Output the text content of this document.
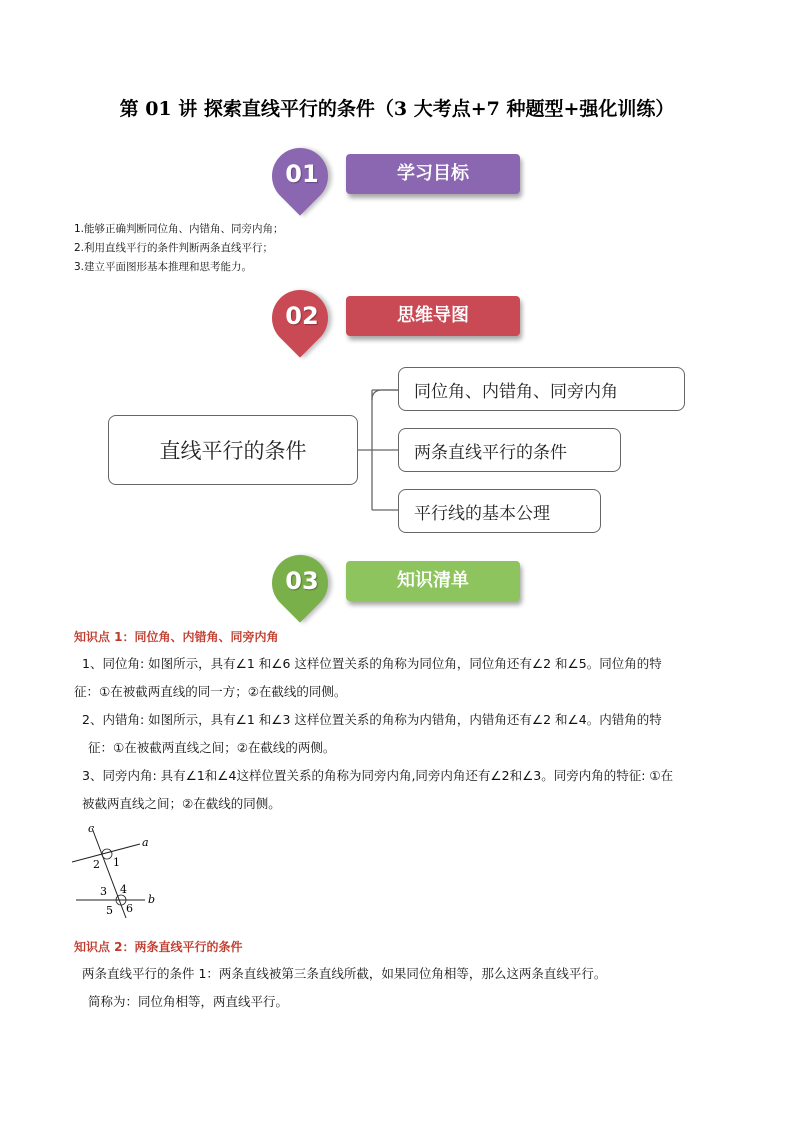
第 01 讲 探索直线平行的条件（3 大考点+7 种题型+强化训练）
01	学习目标
1.能够正确判断同位角、内错角、同旁内角；
2.利用直线平行的条件判断两条直线平行；
3.建立平面图形基本推理和思考能力。
02	思维导图
直线平行的条件
同位角、内错角、同旁内角
两条直线平行的条件
平行线的基本公理
03	知识清单
知识点 1：同位角、内错角、同旁内角
1、同位角: 如图所示，具有∠1 和∠6 这样位置关系的角称为同位角，同位角还有∠2 和∠5。同位角的特
征：①在被截两直线的同一方；②在截线的同侧。
2、内错角: 如图所示，具有∠1 和∠3 这样位置关系的角称为内错角，内错角还有∠2 和∠4。内错角的特
征：①在被截两直线之间；②在截线的两侧。
3、同旁内角: 具有∠1和∠4这样位置关系的角称为同旁内角,同旁内角还有∠2和∠3。同旁内角的特征: ①在
被截两直线之间；②在截线的同侧。
c
a
b
1
2
3 4
5 6
知识点 2：两条直线平行的条件
两条直线平行的条件 1：两条直线被第三条直线所截，如果同位角相等，那么这两条直线平行。
简称为：同位角相等，两直线平行。
